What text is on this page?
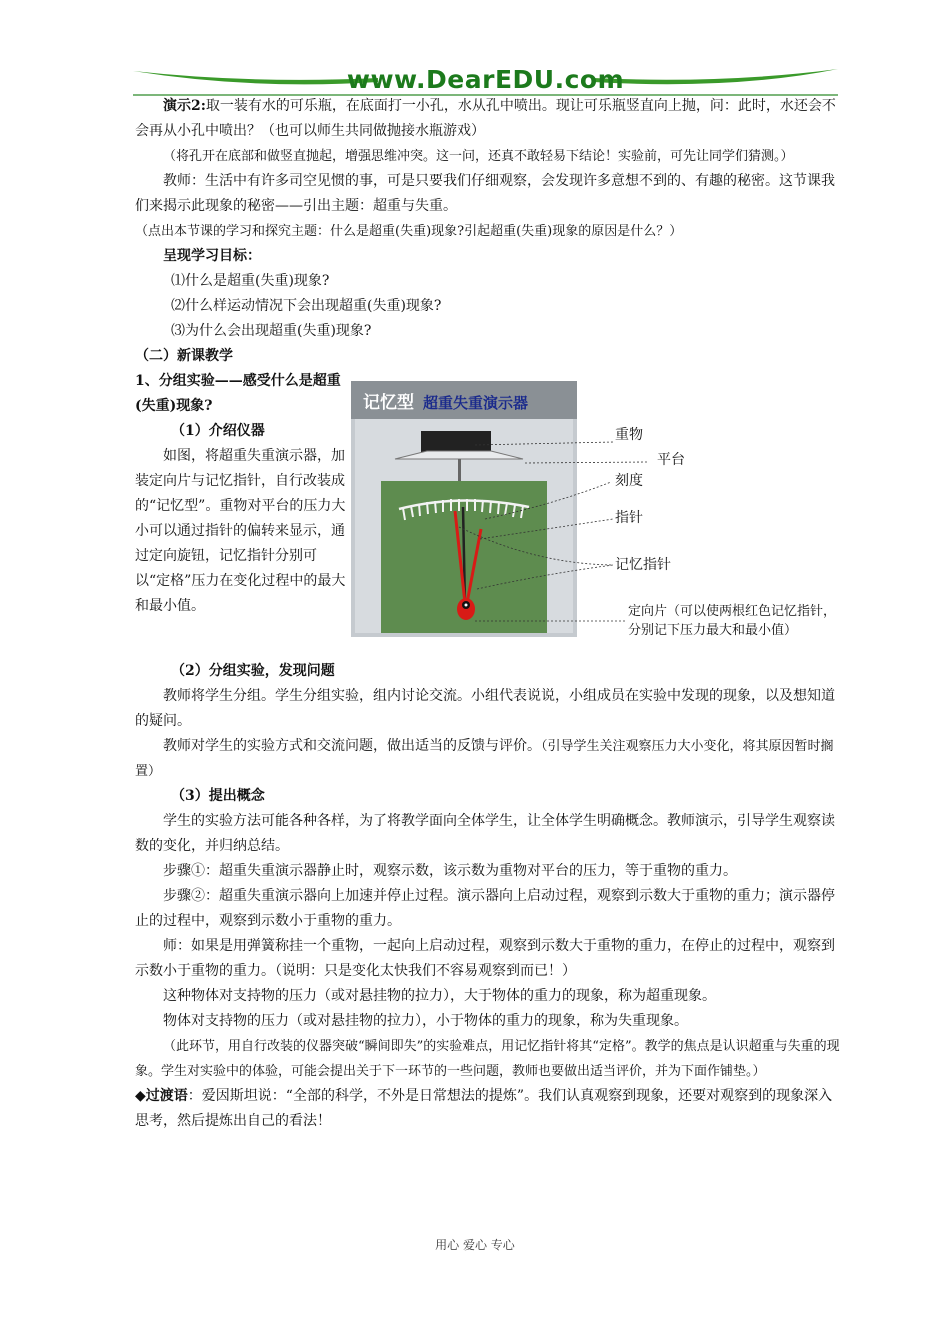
www.DearEDU.com

演示2:取一装有水的可乐瓶，在底面打一小孔，水从孔中喷出。现让可乐瓶竖直向上抛，问：此时，水还会不会再从小孔中喷出？（也可以师生共同做抛接水瓶游戏）

（将孔开在底部和做竖直抛起，增强思维冲突。这一问，还真不敢轻易下结论！实验前，可先让同学们猜测。）

教师：生活中有许多司空见惯的事，可是只要我们仔细观察，会发现许多意想不到的、有趣的秘密。这节课我们来揭示此现象的秘密——引出主题：超重与失重。

（点出本节课的学习和探究主题：什么是超重(失重)现象?引起超重(失重)现象的原因是什么？）

呈现学习目标：

⑴什么是超重(失重)现象?

⑵什么样运动情况下会出现超重(失重)现象?

⑶为什么会出现超重(失重)现象?

（二）新课教学

1、分组实验——感受什么是超重(失重)现象?

（1）介绍仪器

如图，将超重失重演示器，加装定向片与记忆指针，自行改装成的“记忆型”。重物对平台的压力大小可以通过指针的偏转来显示，通过定向旋钮，记忆指针分别可以“定格”压力在变化过程中的最大和最小值。

记忆型 超重失重演示器
重物
平台
刻度
指针
记忆指针
定向片（可以使两根红色记忆指针，
分别记下压力最大和最小值）

（2）分组实验，发现问题

教师将学生分组。学生分组实验，组内讨论交流。小组代表说说，小组成员在实验中发现的现象，以及想知道的疑问。

教师对学生的实验方式和交流问题，做出适当的反馈与评价。（引导学生关注观察压力大小变化，将其原因暂时搁置）

（3）提出概念

学生的实验方法可能各种各样，为了将教学面向全体学生，让全体学生明确概念。教师演示，引导学生观察读数的变化，并归纳总结。

步骤①：超重失重演示器静止时，观察示数，该示数为重物对平台的压力，等于重物的重力。

步骤②：超重失重演示器向上加速并停止过程。演示器向上启动过程，观察到示数大于重物的重力；演示器停止的过程中，观察到示数小于重物的重力。

师：如果是用弹簧称挂一个重物，一起向上启动过程，观察到示数大于重物的重力，在停止的过程中，观察到示数小于重物的重力。（说明：只是变化太快我们不容易观察到而已！）

这种物体对支持物的压力（或对悬挂物的拉力），大于物体的重力的现象，称为超重现象。

物体对支持物的压力（或对悬挂物的拉力），小于物体的重力的现象，称为失重现象。

（此环节，用自行改装的仪器突破“瞬间即失”的实验难点，用记忆指针将其“定格”。教学的焦点是认识超重与失重的现象。学生对实验中的体验，可能会提出关于下一环节的一些问题，教师也要做出适当评价，并为下面作铺垫。）

◆过渡语：爱因斯坦说：“全部的科学，不外是日常想法的提炼”。我们认真观察到现象，还要对观察到的现象深入思考，然后提炼出自己的看法！

用心 爱心 专心
